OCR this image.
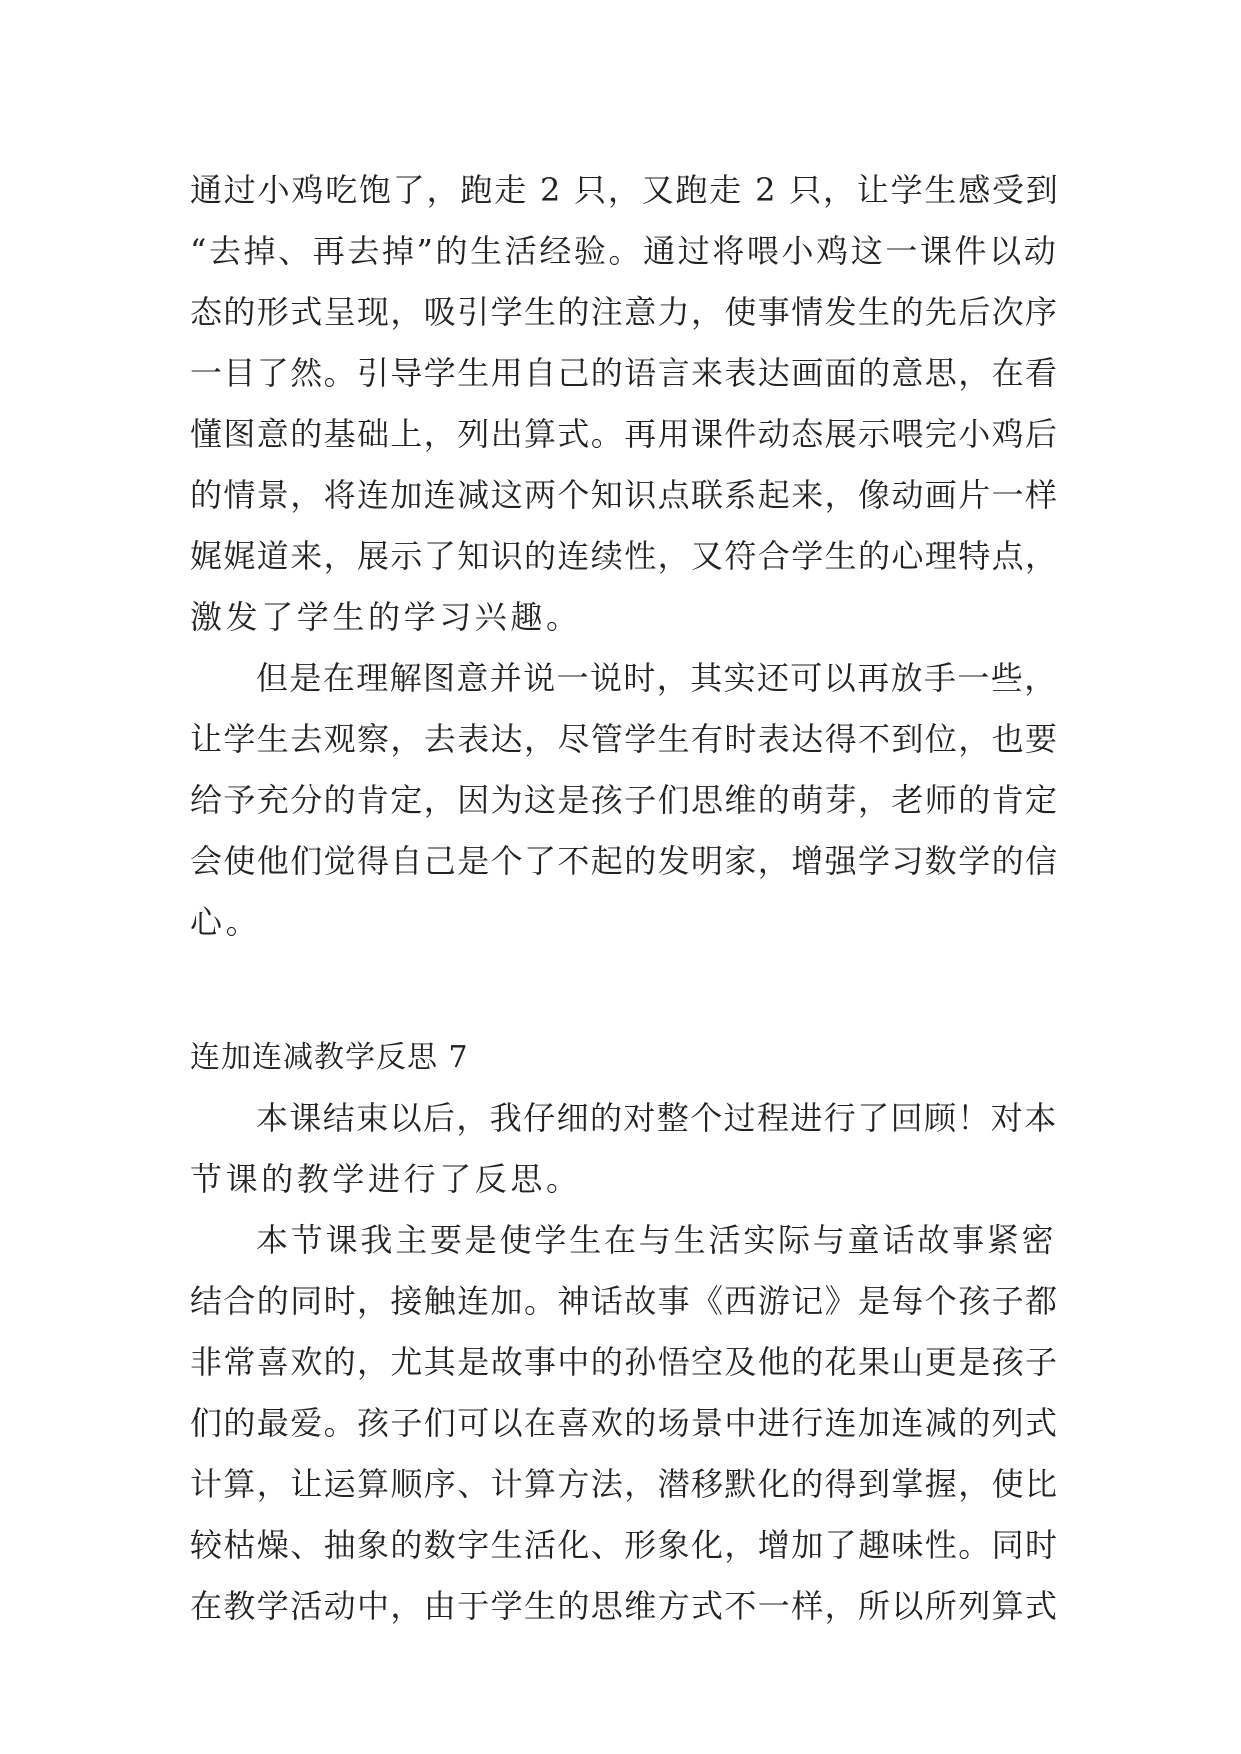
通过小鸡吃饱了，跑走 2 只，又跑走 2 只，让学生感受到
“去掉、再去掉”的生活经验。通过将喂小鸡这一课件以动
态的形式呈现，吸引学生的注意力，使事情发生的先后次序
一目了然。引导学生用自己的语言来表达画面的意思，在看
懂图意的基础上，列出算式。再用课件动态展示喂完小鸡后
的情景，将连加连减这两个知识点联系起来，像动画片一样
娓娓道来，展示了知识的连续性，又符合学生的心理特点，
激发了学生的学习兴趣。
但是在理解图意并说一说时，其实还可以再放手一些，
让学生去观察，去表达，尽管学生有时表达得不到位，也要
给予充分的肯定，因为这是孩子们思维的萌芽，老师的肯定
会使他们觉得自己是个了不起的发明家，增强学习数学的信
心。
连加连减教学反思 7
本课结束以后，我仔细的对整个过程进行了回顾！对本
节课的教学进行了反思。
本节课我主要是使学生在与生活实际与童话故事紧密
结合的同时，接触连加。神话故事《西游记》是每个孩子都
非常喜欢的，尤其是故事中的孙悟空及他的花果山更是孩子
们的最爱。孩子们可以在喜欢的场景中进行连加连减的列式
计算，让运算顺序、计算方法，潜移默化的得到掌握，使比
较枯燥、抽象的数字生活化、形象化，增加了趣味性。同时
在教学活动中，由于学生的思维方式不一样，所以所列算式
